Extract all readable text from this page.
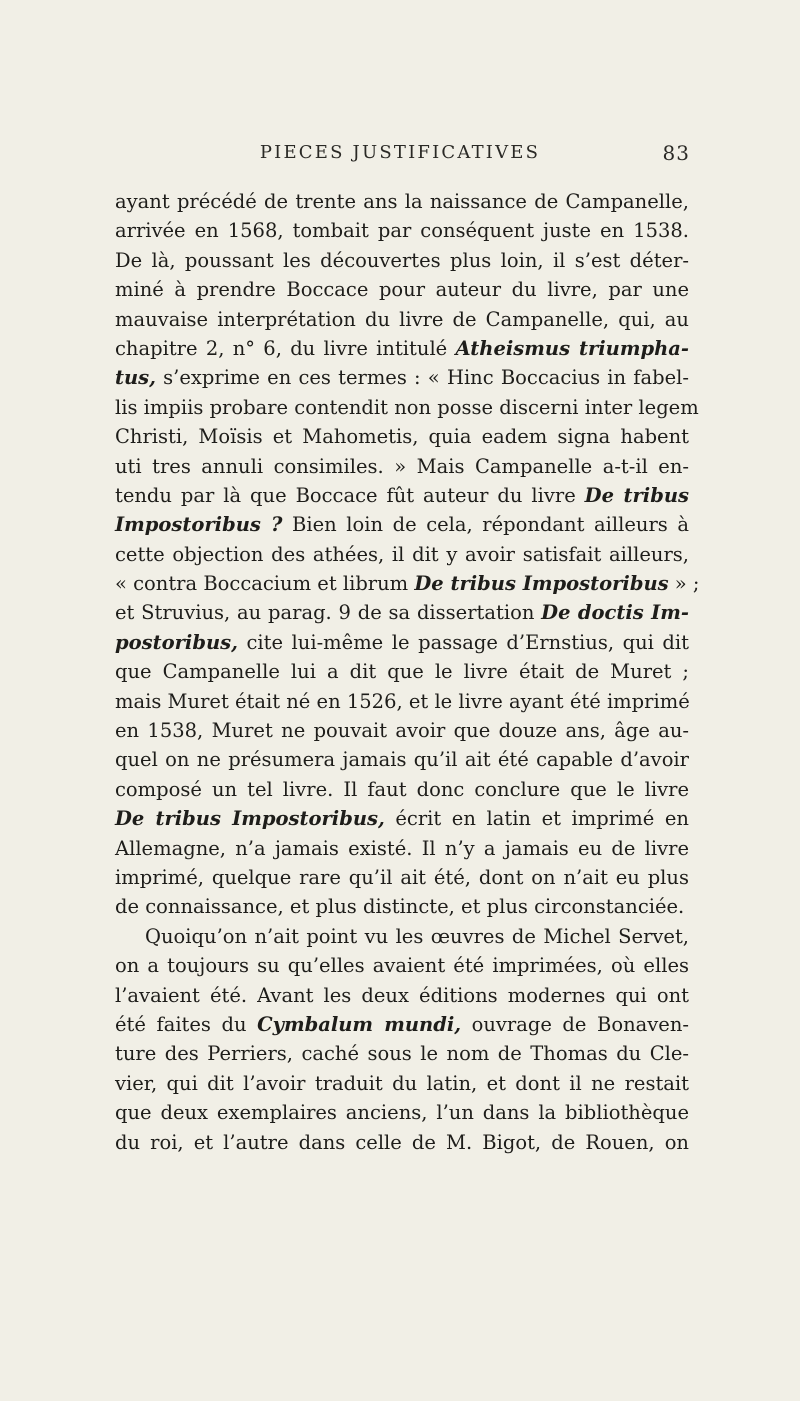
PIECES JUSTIFICATIVES	83
ayant précédé de trente ans la naissance de Campanelle,
arrivée en 1568, tombait par conséquent juste en 1538.
De là, poussant les découvertes plus loin, il s’est déter-
miné à prendre Boccace pour auteur du livre, par une
mauvaise interprétation du livre de Campanelle, qui, au
chapitre 2, n° 6, du livre intitulé Atheismus triumpha-
tus, s’exprime en ces termes : « Hinc Boccacius in fabel-
lis impiis probare contendit non posse discerni inter legem
Christi, Moïsis et Mahometis, quia eadem signa habent
uti tres annuli consimiles. » Mais Campanelle a-t-il en-
tendu par là que Boccace fût auteur du livre De tribus
Impostoribus ? Bien loin de cela, répondant ailleurs à
cette objection des athées, il dit y avoir satisfait ailleurs,
« contra Boccacium et librum De tribus Impostoribus » ;
et Struvius, au parag. 9 de sa dissertation De doctis Im-
postoribus, cite lui-même le passage d’Ernstius, qui dit
que Campanelle lui a dit que le livre était de Muret ;
mais Muret était né en 1526, et le livre ayant été imprimé
en 1538, Muret ne pouvait avoir que douze ans, âge au-
quel on ne présumera jamais qu’il ait été capable d’avoir
composé un tel livre. Il faut donc conclure que le livre
De tribus Impostoribus, écrit en latin et imprimé en
Allemagne, n’a jamais existé. Il n’y a jamais eu de livre
imprimé, quelque rare qu’il ait été, dont on n’ait eu plus
de connaissance, et plus distincte, et plus circonstanciée.
Quoiqu’on n’ait point vu les œuvres de Michel Servet,
on a toujours su qu’elles avaient été imprimées, où elles
l’avaient été. Avant les deux éditions modernes qui ont
été faites du Cymbalum mundi, ouvrage de Bonaven-
ture des Perriers, caché sous le nom de Thomas du Cle-
vier, qui dit l’avoir traduit du latin, et dont il ne restait
que deux exemplaires anciens, l’un dans la bibliothèque
du roi, et l’autre dans celle de M. Bigot, de Rouen, on
